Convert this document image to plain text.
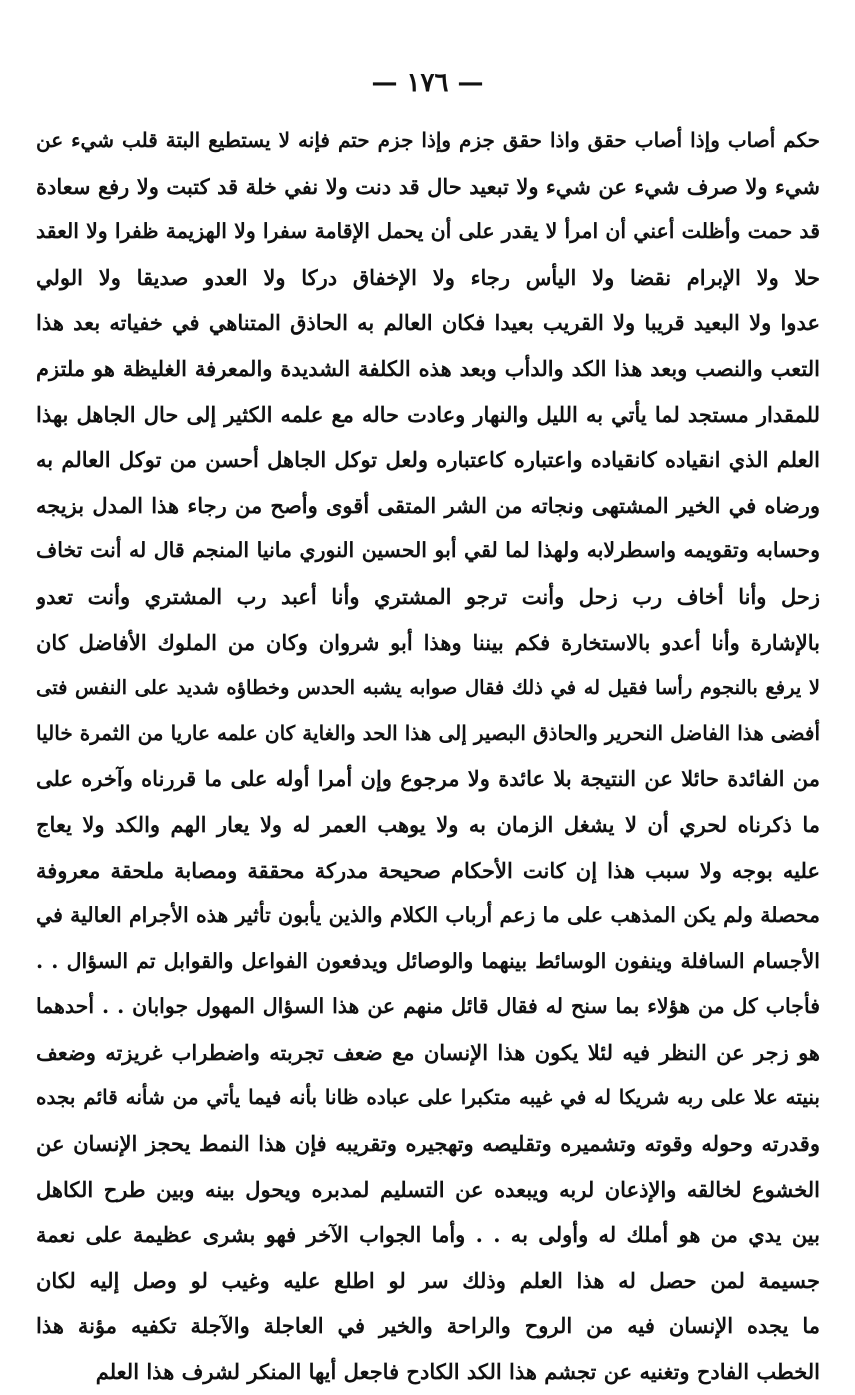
— ١٧٦ —
حكم أصاب وإذا أصاب حقق واذا حقق جزم وإذا جزم حتم فإنه لا يستطيع البتة قلب شيء عن
شيء ولا صرف شيء عن شيء ولا تبعيد حال قد دنت ولا نفي خلة قد كتبت ولا رفع سعادة
قد حمت وأظلت أعني أن امرأ لا يقدر على أن يحمل الإقامة سفرا ولا الهزيمة ظفرا ولا العقد
حلا ولا الإبرام نقضا ولا اليأس رجاء ولا الإخفاق دركا ولا العدو صديقا ولا الولي
عدوا ولا البعيد قريبا ولا القريب بعيدا فكان العالم به الحاذق المتناهي في خفياته بعد هذا
التعب والنصب وبعد هذا الكد والدأب وبعد هذه الكلفة الشديدة والمعرفة الغليظة هو ملتزم
للمقدار مستجد لما يأتي به الليل والنهار وعادت حاله مع علمه الكثير إلى حال الجاهل بهذا
العلم الذي انقياده كانقياده واعتباره كاعتباره ولعل توكل الجاهل أحسن من توكل العالم به
ورضاه في الخير المشتهى ونجاته من الشر المتقى أقوى وأصح من رجاء هذا المدل بزيجه
وحسابه وتقويمه واسطرلابه ولهذا لما لقي أبو الحسين النوري مانيا المنجم قال له أنت تخاف
زحل وأنا أخاف رب زحل وأنت ترجو المشتري وأنا أعبد رب المشتري وأنت تعدو
بالإشارة وأنا أعدو بالاستخارة فكم بيننا وهذا أبو شروان وكان من الملوك الأفاضل كان
لا يرفع بالنجوم رأسا فقيل له في ذلك فقال صوابه يشبه الحدس وخطاؤه شديد على النفس فتى
أفضى هذا الفاضل النحرير والحاذق البصير إلى هذا الحد والغاية كان علمه عاريا من الثمرة خاليا
من الفائدة حائلا عن النتيجة بلا عائدة ولا مرجوع وإن أمرا أوله على ما قررناه وآخره على
ما ذكرناه لحري أن لا يشغل الزمان به ولا يوهب العمر له ولا يعار الهم والكد ولا يعاج
عليه بوجه ولا سبب هذا إن كانت الأحكام صحيحة مدركة محققة ومصابة ملحقة معروفة
محصلة ولم يكن المذهب على ما زعم أرباب الكلام والذين يأبون تأثير هذه الأجرام العالية في
الأجسام السافلة وينفون الوسائط بينهما والوصائل ويدفعون الفواعل والقوابل تم السؤال . .
فأجاب كل من هؤلاء بما سنح له فقال قائل منهم عن هذا السؤال المهول جوابان . . أحدهما
هو زجر عن النظر فيه لئلا يكون هذا الإنسان مع ضعف تجربته واضطراب غريزته وضعف
بنيته علا على ربه شريكا له في غيبه متكبرا على عباده ظانا بأنه فيما يأتي من شأنه قائم بجده
وقدرته وحوله وقوته وتشميره وتقليصه وتهجيره وتقريبه فإن هذا النمط يحجز الإنسان عن
الخشوع لخالقه والإذعان لربه ويبعده عن التسليم لمدبره ويحول بينه وبين طرح الكاهل
بين يدي من هو أملك له وأولى به . . وأما الجواب الآخر فهو بشرى عظيمة على نعمة
جسيمة لمن حصل له هذا العلم وذلك سر لو اطلع عليه وغيب لو وصل إليه لكان
ما يجده الإنسان فيه من الروح والراحة والخير في العاجلة والآجلة تكفيه مؤنة هذا
الخطب الفادح وتغنيه عن تجشم هذا الكد الكادح فاجعل أيها المنكر لشرف هذا العلم
